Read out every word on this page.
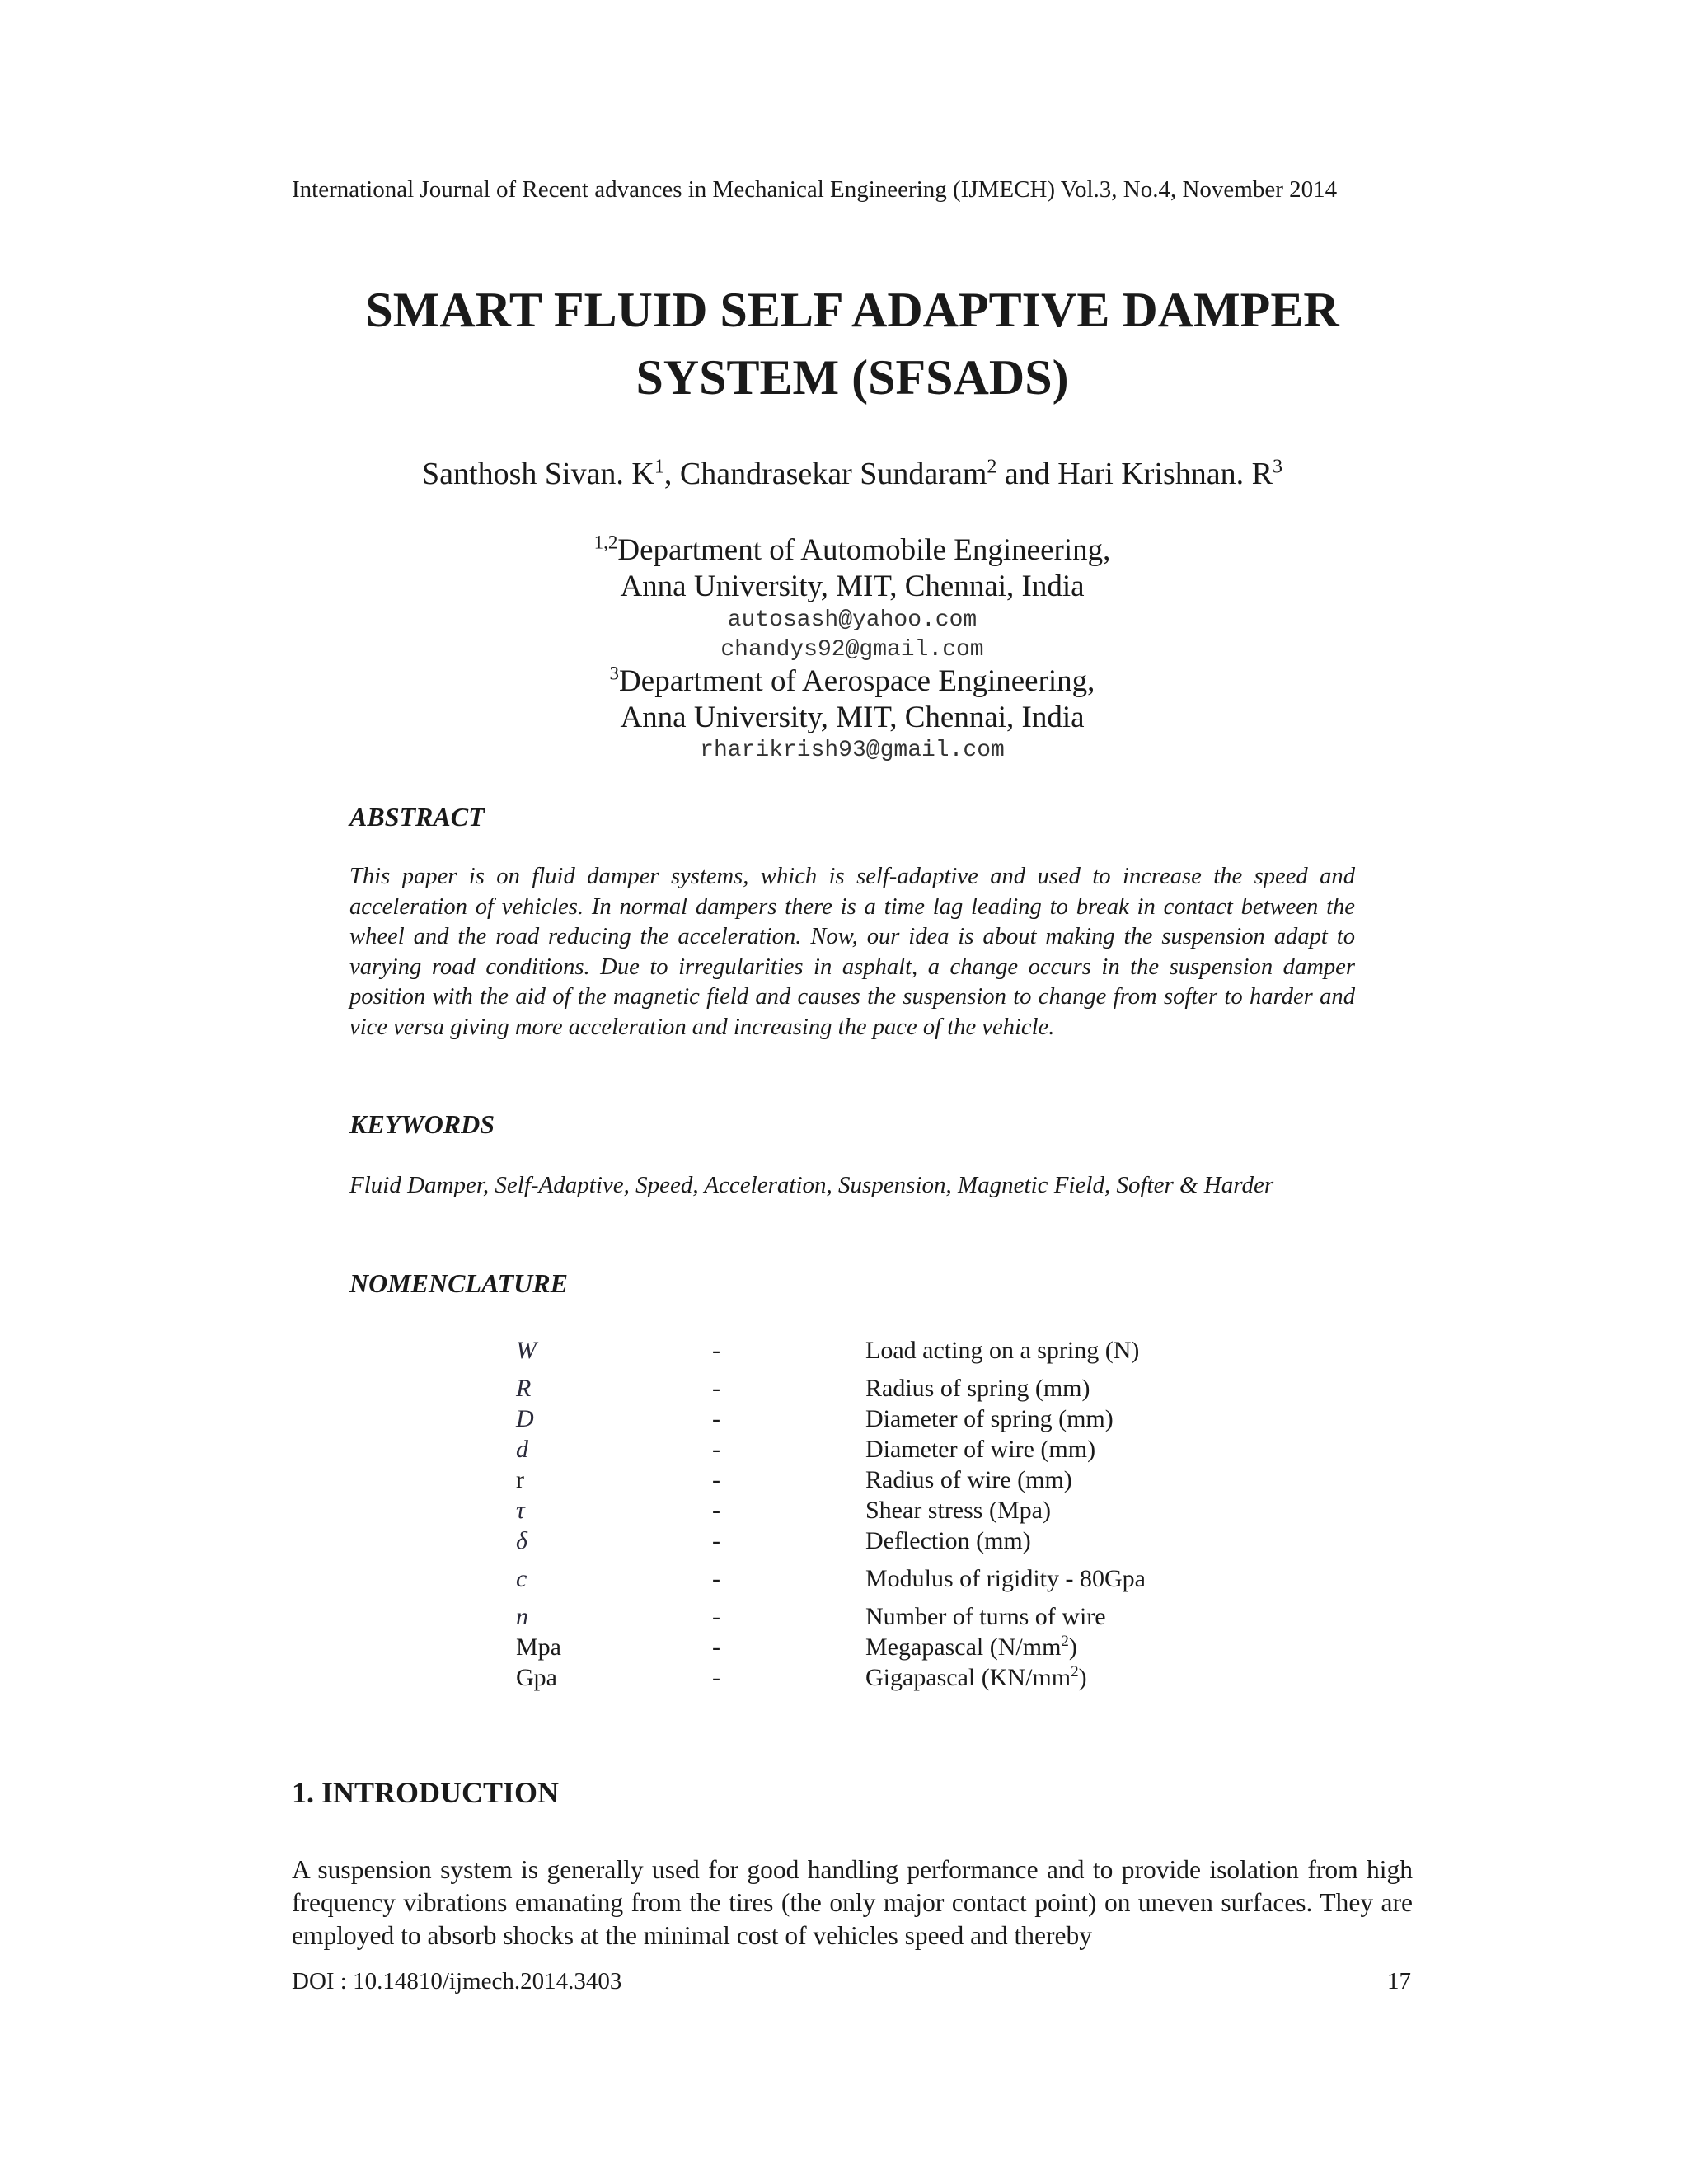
International Journal of Recent advances in Mechanical Engineering (IJMECH) Vol.3, No.4, November 2014
SMART FLUID SELF ADAPTIVE DAMPER
SYSTEM (SFSADS)
Santhosh Sivan. $K^1$, Chandrasekar Sundaram$^2$ and Hari Krishnan. $R^3$
$^{1,2}$Department of Automobile Engineering,
Anna University, MIT, Chennai, India
autosash@yahoo.com
chandys92@gmail.com
$^3$Department of Aerospace Engineering,
Anna University, MIT, Chennai, India
rharikrish93@gmail.com
ABSTRACT

This paper is on fluid damper systems, which is self-adaptive and used to increase the speed and acceleration of vehicles. In normal dampers there is a time lag leading to break in contact between the wheel and the road reducing the acceleration. Now, our idea is about making the suspension adapt to varying road conditions. Due to irregularities in asphalt, a change occurs in the suspension damper position with the aid of the magnetic field and causes the suspension to change from softer to harder and vice versa giving more acceleration and increasing the pace of the vehicle.

KEYWORDS

Fluid Damper, Self-Adaptive, Speed, Acceleration, Suspension, Magnetic Field, Softer & Harder

NOMENCLATURE
W	-	Load acting on a spring (N)
R	-	Radius of spring (mm)
D	-	Diameter of spring (mm)
d	-	Diameter of wire (mm)
r	-	Radius of wire (mm)
τ	-	Shear stress (Mpa)
δ	-	Deflection (mm)
c	-	Modulus of rigidity - 80Gpa
n	-	Number of turns of wire
Mpa	-	Megapascal $(N/mm^2)$
Gpa	-	Gigapascal $(KN/mm^2)$
1. INTRODUCTION

A suspension system is generally used for good handling performance and to provide isolation from high frequency vibrations emanating from the tires (the only major contact point) on uneven surfaces. They are employed to absorb shocks at the minimal cost of vehicles speed and thereby

DOI : 10.14810/ijmech.2014.3403	17
